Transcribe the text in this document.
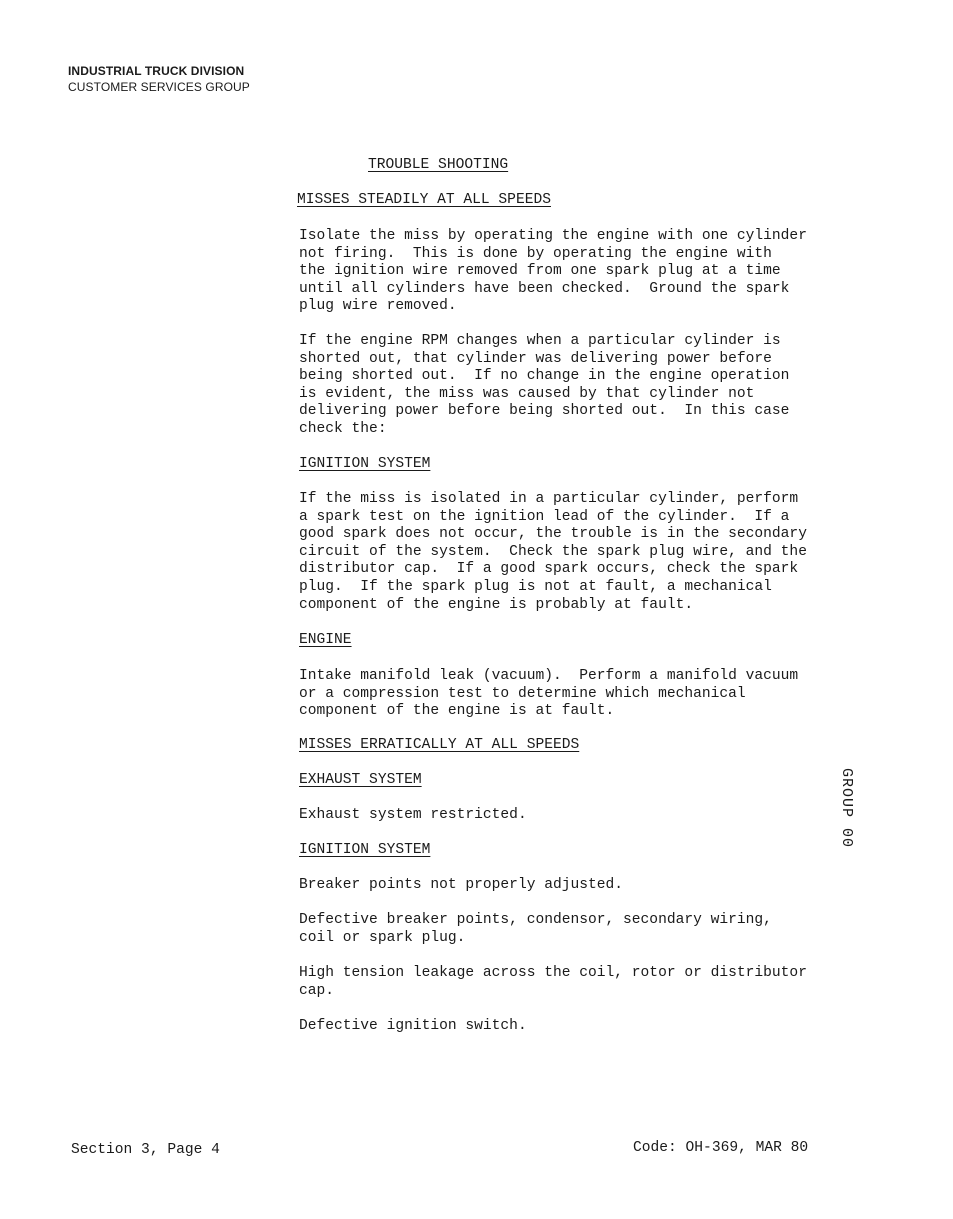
INDUSTRIAL TRUCK DIVISION
CUSTOMER SERVICES GROUP
TROUBLE SHOOTING
MISSES STEADILY AT ALL SPEEDS
Isolate the miss by operating the engine with one cylinder
not firing.  This is done by operating the engine with
the ignition wire removed from one spark plug at a time
until all cylinders have been checked.  Ground the spark
plug wire removed.
If the engine RPM changes when a particular cylinder is
shorted out, that cylinder was delivering power before
being shorted out.  If no change in the engine operation
is evident, the miss was caused by that cylinder not
delivering power before being shorted out.  In this case
check the:
IGNITION SYSTEM
If the miss is isolated in a particular cylinder, perform
a spark test on the ignition lead of the cylinder.  If a
good spark does not occur, the trouble is in the secondary
circuit of the system.  Check the spark plug wire, and the
distributor cap.  If a good spark occurs, check the spark
plug.  If the spark plug is not at fault, a mechanical
component of the engine is probably at fault.
ENGINE
Intake manifold leak (vacuum).  Perform a manifold vacuum
or a compression test to determine which mechanical
component of the engine is at fault.
MISSES ERRATICALLY AT ALL SPEEDS
EXHAUST SYSTEM
Exhaust system restricted.
IGNITION SYSTEM
Breaker points not properly adjusted.
Defective breaker points, condensor, secondary wiring,
coil or spark plug.
High tension leakage across the coil, rotor or distributor
cap.
Defective ignition switch.
GROUP 00
Section 3, Page 4	Code: OH-369, MAR 80
